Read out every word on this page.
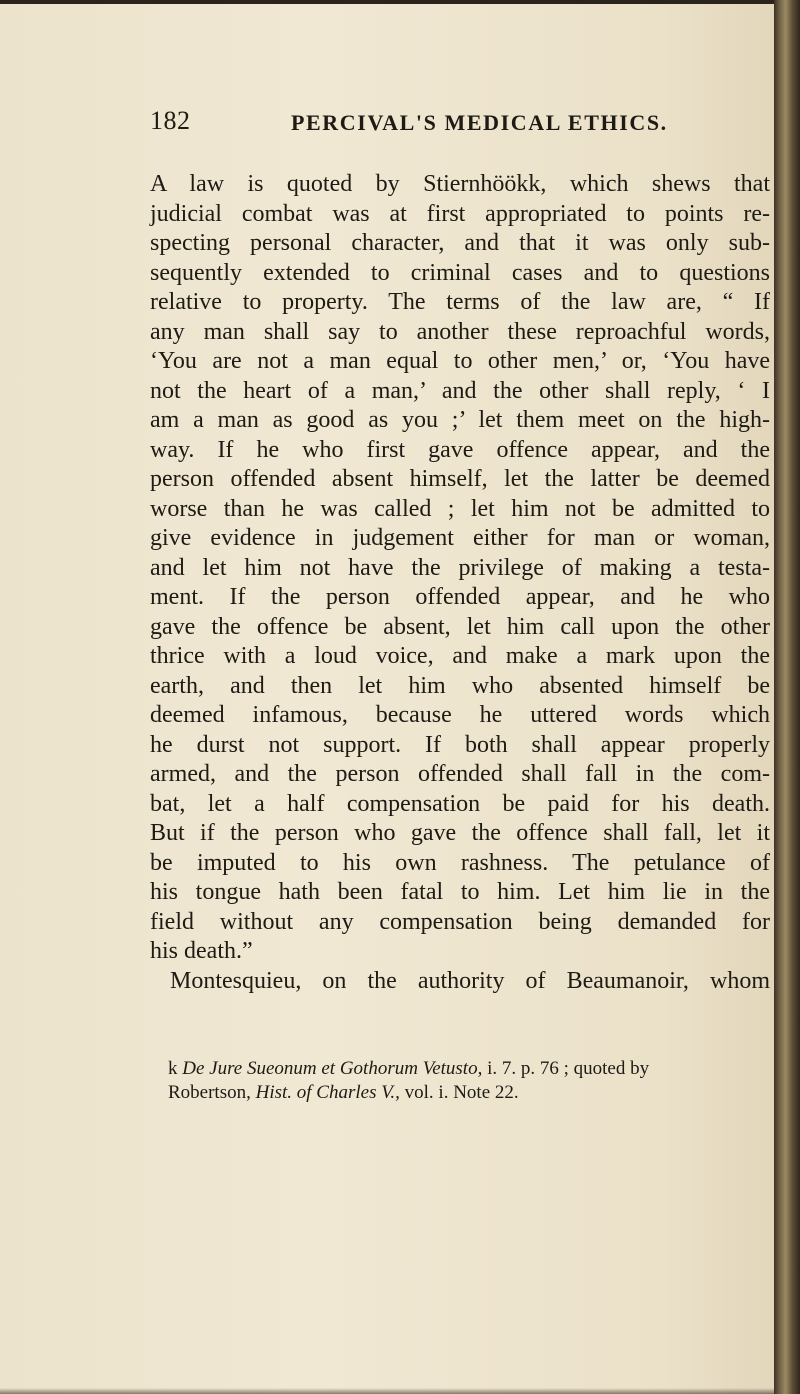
182	PERCIVAL'S MEDICAL ETHICS.
A law is quoted by Stiernhöökk, which shews that
judicial combat was at first appropriated to points re-
specting personal character, and that it was only sub-
sequently extended to criminal cases and to questions
relative to property. The terms of the law are, “ If
any man shall say to another these reproachful words,
‘You are not a man equal to other men,’ or, ‘You have
not the heart of a man,’ and the other shall reply, ‘ I
am a man as good as you ;’ let them meet on the high-
way. If he who first gave offence appear, and the
person offended absent himself, let the latter be deemed
worse than he was called ; let him not be admitted to
give evidence in judgement either for man or woman,
and let him not have the privilege of making a testa-
ment. If the person offended appear, and he who
gave the offence be absent, let him call upon the other
thrice with a loud voice, and make a mark upon the
earth, and then let him who absented himself be
deemed infamous, because he uttered words which
he durst not support. If both shall appear properly
armed, and the person offended shall fall in the com-
bat, let a half compensation be paid for his death.
But if the person who gave the offence shall fall, let it
be imputed to his own rashness. The petulance of
his tongue hath been fatal to him. Let him lie in the
field without any compensation being demanded for
his death.”
Montesquieu, on the authority of Beaumanoir, whom
k De Jure Sueonum et Gothorum Vetusto, i. 7. p. 76 ; quoted by
Robertson, Hist. of Charles V., vol. i. Note 22.
